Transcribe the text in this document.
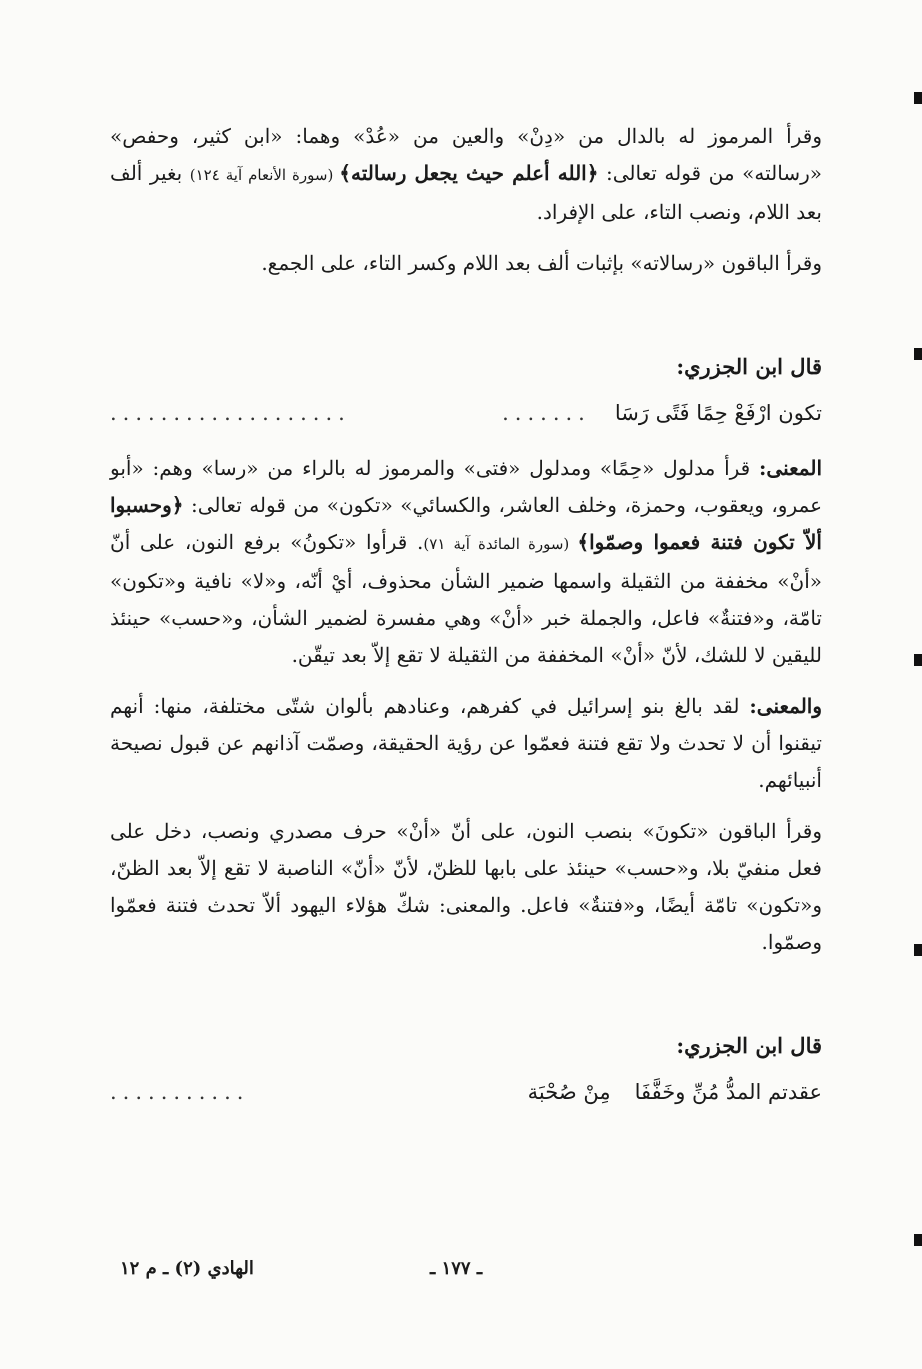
وقرأ المرموز له بالدال من «دِنْ» والعين من «عُدْ» وهما: «ابن كثير، وحفص» «رسالته» من قوله تعالى: ﴿الله أعلم حيث يجعل رسالته﴾ (سورة الأنعام آية ١٢٤) بغير ألف بعد اللام، ونصب التاء، على الإفراد.

وقرأ الباقون «رسالاته» بإثبات ألف بعد اللام وكسر التاء، على الجمع.

قال ابن الجزري:
تكون ارْفَعْ حِمًا فَتًى رَسَا
.......
...................

المعنى: قرأ مدلول «حِمًا» ومدلول «فتى» والمرموز له بالراء من «رسا» وهم: «أبو عمرو، ويعقوب، وحمزة، وخلف العاشر، والكسائي» «تكون» من قوله تعالى: ﴿وحسبوا ألاّ تكون فتنة فعموا وصمّوا﴾ (سورة المائدة آية ٧١). قرأوا «تكونُ» برفع النون، على أنّ «أنْ» مخففة من الثقيلة واسمها ضمير الشأن محذوف، أيْ أنّه، و«لا» نافية و«تكون» تامّة، و«فتنةٌ» فاعل، والجملة خبر «أنْ» وهي مفسرة لضمير الشأن، و«حسب» حينئذ لليقين لا للشك، لأنّ «أنْ» المخففة من الثقيلة لا تقع إلاّ بعد تيقّن.

والمعنى: لقد بالغ بنو إسرائيل في كفرهم، وعنادهم بألوان شتّى مختلفة، منها: أنهم تيقنوا أن لا تحدث ولا تقع فتنة فعمّوا عن رؤية الحقيقة، وصمّت آذانهم عن قبول نصيحة أنبيائهم.

وقرأ الباقون «تكونَ» بنصب النون، على أنّ «أنْ» حرف مصدري ونصب، دخل على فعل منفيّ بلا، و«حسب» حينئذ على بابها للظنّ، لأنّ «أنّ» الناصبة لا تقع إلاّ بعد الظنّ، و«تكون» تامّة أيضًا، و«فتنةٌ» فاعل. والمعنى: شكّ هؤلاء اليهود ألاّ تحدث فتنة فعمّوا وصمّوا.

قال ابن الجزري:
عقدتم المدُّ مُنِّ وخَفَّفَا
مِنْ صُحْبَة
...........
ـ ١٧٧ ـ
الهادي (٢) ـ م ١٢
